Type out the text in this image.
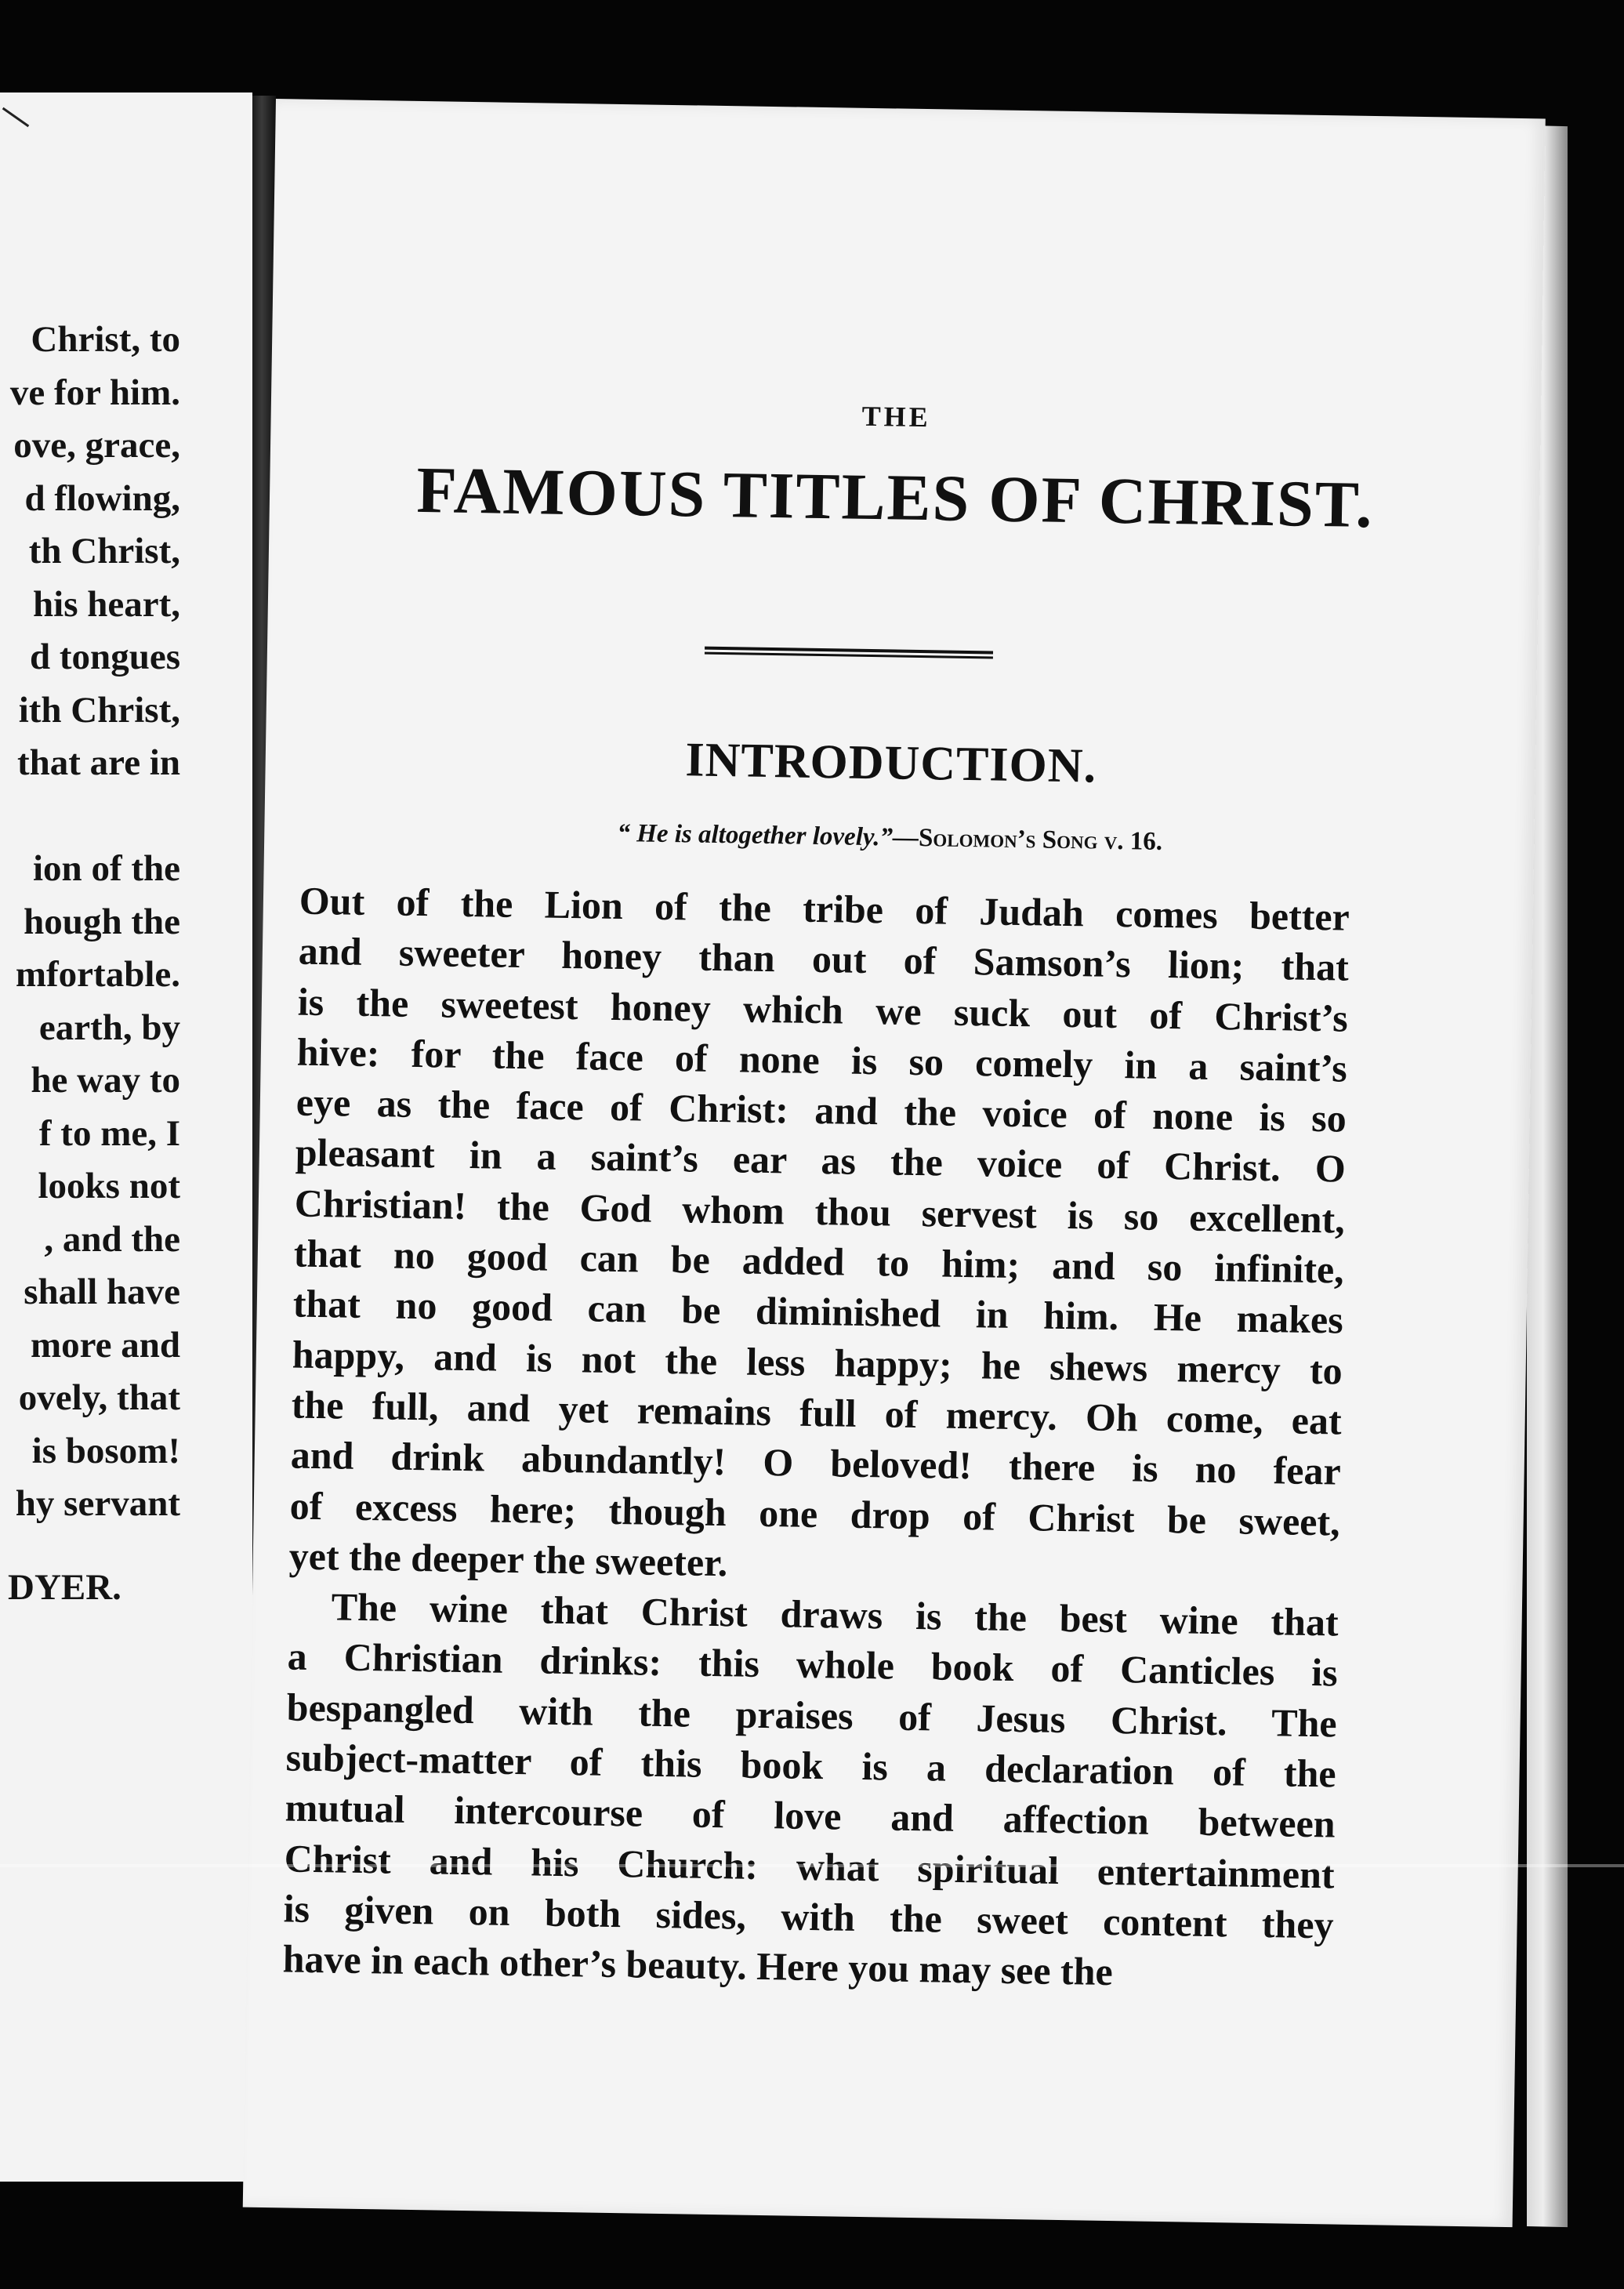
Christ, to
ve for him.
ove, grace,
d flowing,
th Christ,
his heart,
d tongues
ith Christ,
that are in
ion of the
hough the
mfortable.
earth, by
he way to
f to me, I
looks not
, and the
shall have
more and
ovely, that
is bosom!
hy servant
DYER.
THE
FAMOUS TITLES OF CHRIST.
INTRODUCTION.
“ He is altogether lovely.”—Solomon’s Song v. 16.
Out of the Lion of the tribe of Judah comes better
and sweeter honey than out of Samson’s lion; that
is the sweetest honey which we suck out of Christ’s
hive: for the face of none is so comely in a saint’s
eye as the face of Christ: and the voice of none is so
pleasant in a saint’s ear as the voice of Christ. O
Christian! the God whom thou servest is so excellent,
that no good can be added to him; and so infinite,
that no good can be diminished in him. He makes
happy, and is not the less happy; he shews mercy to
the full, and yet remains full of mercy. Oh come, eat
and drink abundantly! O beloved! there is no fear
of excess here; though one drop of Christ be sweet,
yet the deeper the sweeter.
The wine that Christ draws is the best wine that
a Christian drinks: this whole book of Canticles is
bespangled with the praises of Jesus Christ. The
subject-matter of this book is a declaration of the
mutual intercourse of love and affection between
Christ and his Church: what spiritual entertainment
is given on both sides, with the sweet content they
have in each other’s beauty. Here you may see the
